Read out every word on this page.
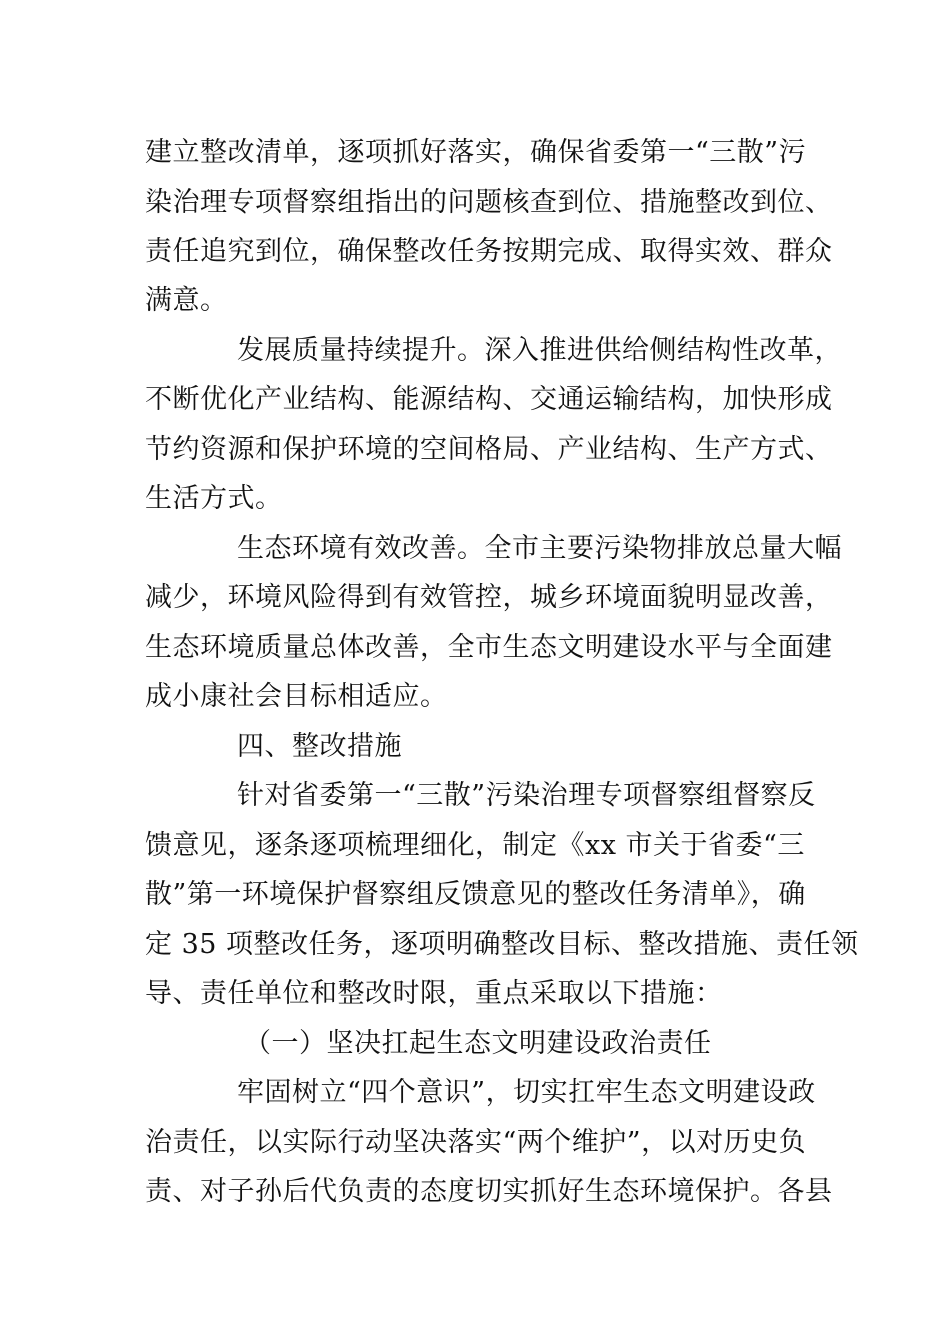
建立整改清单，逐项抓好落实，确保省委第一“三散”污
染治理专项督察组指出的问题核查到位、措施整改到位、
责任追究到位，确保整改任务按期完成、取得实效、群众
满意。
发展质量持续提升。深入推进供给侧结构性改革，
不断优化产业结构、能源结构、交通运输结构，加快形成
节约资源和保护环境的空间格局、产业结构、生产方式、
生活方式。
生态环境有效改善。全市主要污染物排放总量大幅
减少，环境风险得到有效管控，城乡环境面貌明显改善，
生态环境质量总体改善，全市生态文明建设水平与全面建
成小康社会目标相适应。
四、整改措施
针对省委第一“三散”污染治理专项督察组督察反
馈意见，逐条逐项梳理细化，制定《xx 市关于省委“三
散”第一环境保护督察组反馈意见的整改任务清单》，确
定 35 项整改任务，逐项明确整改目标、整改措施、责任领
导、责任单位和整改时限，重点采取以下措施：
（一）坚决扛起生态文明建设政治责任
牢固树立“四个意识”，切实扛牢生态文明建设政
治责任，以实际行动坚决落实“两个维护”，以对历史负
责、对子孙后代负责的态度切实抓好生态环境保护。各县
